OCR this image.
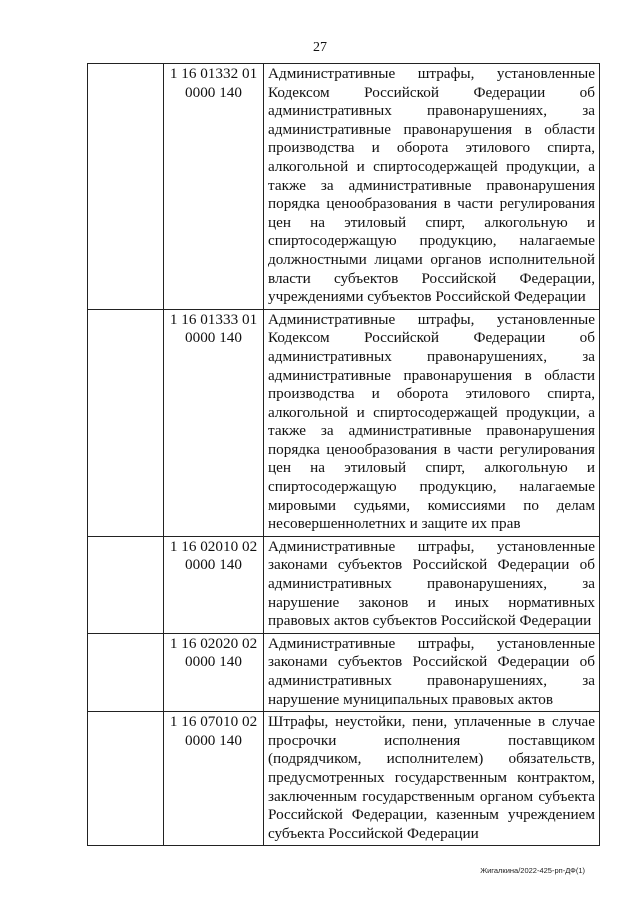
27

	1 16 01332 01
0000 140	Административные штрафы, установленные Кодексом Российской Федерации об административных правонарушениях, за административные правонарушения в области производства и оборота этилового спирта, алкогольной и спиртосодержащей продукции, а также за административные правонарушения порядка ценообразования в части регулирования цен на этиловый спирт, алкогольную и спиртосодержащую продукцию, налагаемые должностными лицами органов исполнительной власти субъектов Российской Федерации, учреждениями субъектов Российской Федерации

	1 16 01333 01
0000 140	Административные штрафы, установленные Кодексом Российской Федерации об административных правонарушениях, за административные правонарушения в области производства и оборота этилового спирта, алкогольной и спиртосодержащей продукции, а также за административные правонарушения порядка ценообразования в части регулирования цен на этиловый спирт, алкогольную и спиртосодержащую продукцию, налагаемые мировыми судьями, комиссиями по делам несовершеннолетних и защите их прав

	1 16 02010 02
0000 140	Административные штрафы, установленные законами субъектов Российской Федерации об административных правонарушениях, за нарушение законов и иных нормативных правовых актов субъектов Российской Федерации

	1 16 02020 02
0000 140	Административные штрафы, установленные законами субъектов Российской Федерации об административных правонарушениях, за нарушение муниципальных правовых актов

	1 16 07010 02
0000 140	Штрафы, неустойки, пени, уплаченные в случае просрочки исполнения поставщиком (подрядчиком, исполнителем) обязательств, предусмотренных государственным контрактом, заключенным государственным органом субъекта Российской Федерации, казенным учреждением субъекта Российской Федерации
Жигалкина/2022-425-рп-ДФ(1)
